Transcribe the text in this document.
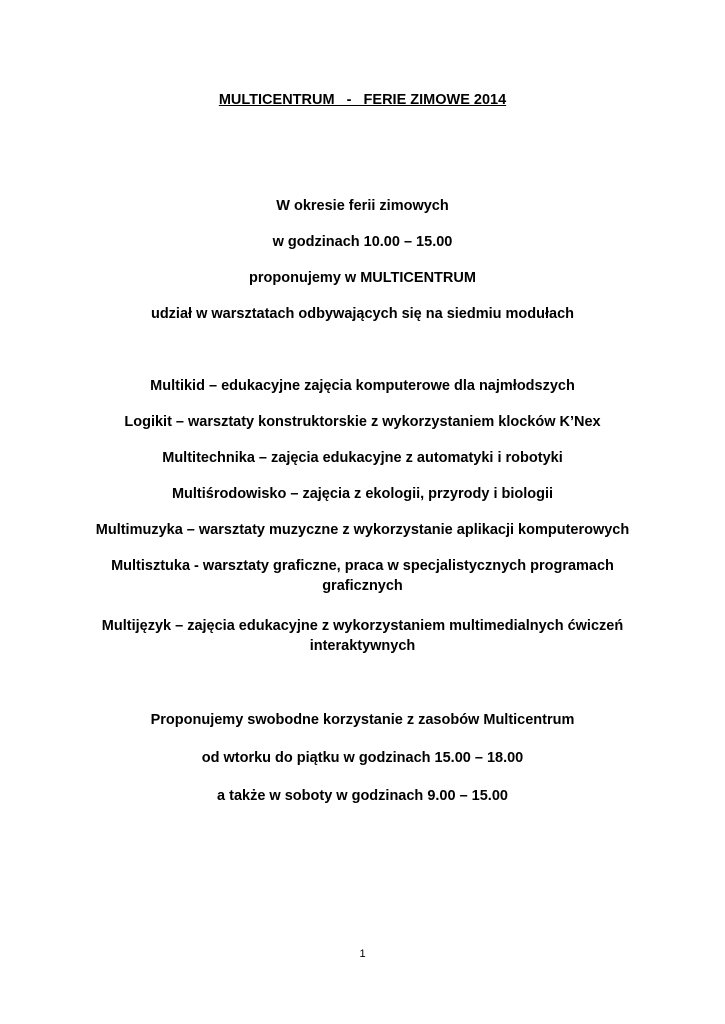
MULTICENTRUM   -   FERIE ZIMOWE 2014
W okresie ferii zimowych
w godzinach 10.00 – 15.00
proponujemy w MULTICENTRUM
udział w warsztatach odbywających się na siedmiu modułach
Multikid – edukacyjne zajęcia komputerowe dla najmłodszych
Logikit – warsztaty konstruktorskie z wykorzystaniem klocków K’Nex
Multitechnika – zajęcia edukacyjne z automatyki i robotyki
Multiśrodowisko – zajęcia z ekologii, przyrody i biologii
Multimuzyka – warsztaty muzyczne z wykorzystanie aplikacji komputerowych
Multisztuka - warsztaty graficzne, praca w specjalistycznych programach graficznych
Multijęzyk – zajęcia edukacyjne z wykorzystaniem multimedialnych ćwiczeń interaktywnych
Proponujemy swobodne korzystanie z zasobów Multicentrum
od wtorku do piątku w godzinach 15.00 – 18.00
a także w soboty w godzinach 9.00 – 15.00
1
